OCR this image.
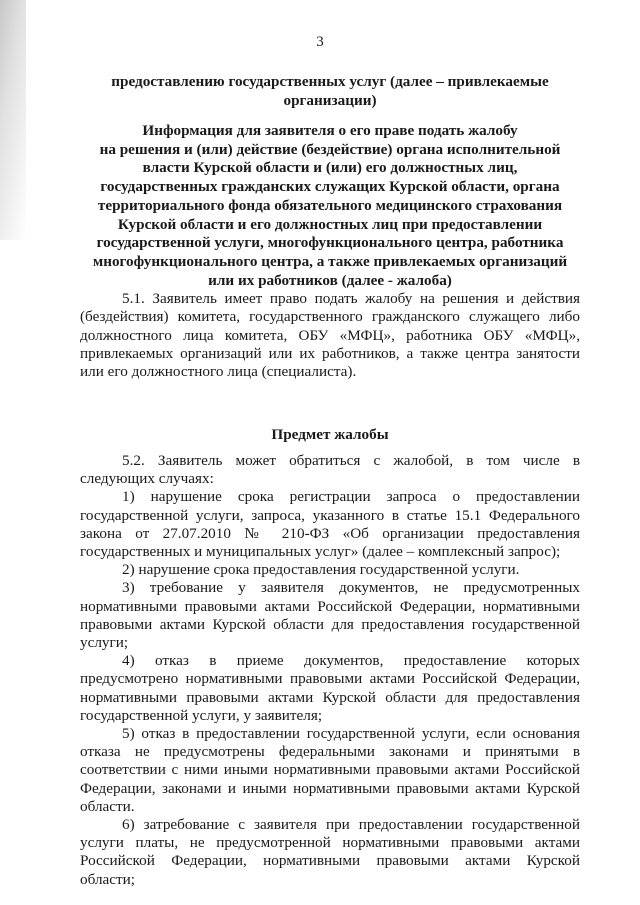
3
предоставлению государственных услуг (далее – привлекаемые
организации)
Информация для заявителя о его праве подать жалобу
на решения и (или) действие (бездействие) органа исполнительной
власти Курской области и (или) его должностных лиц,
государственных гражданских служащих Курской области, органа
территориального фонда обязательного медицинского страхования
Курской области и его должностных лиц при предоставлении
государственной услуги, многофункционального центра, работника
многофункционального центра, а также привлекаемых организаций
или их работников (далее - жалоба)
5.1. Заявитель имеет право подать жалобу на решения и действия
(бездействия) комитета, государственного гражданского служащего либо
должностного лица комитета, ОБУ «МФЦ», работника ОБУ «МФЦ»,
привлекаемых организаций или их работников, а также центра занятости
или его должностного лица (специалиста).
Предмет жалобы
5.2. Заявитель может обратиться с жалобой, в том числе в
следующих случаях:
1) нарушение срока регистрации запроса о предоставлении
государственной услуги, запроса, указанного в статье 15.1 Федерального
закона от 27.07.2010 № 210-ФЗ «Об организации предоставления
государственных и муниципальных услуг» (далее – комплексный запрос);
2) нарушение срока предоставления государственной услуги.
3) требование у заявителя документов, не предусмотренных
нормативными правовыми актами Российской Федерации, нормативными
правовыми актами Курской области для предоставления государственной
услуги;
4) отказ в приеме документов, предоставление которых
предусмотрено нормативными правовыми актами Российской Федерации,
нормативными правовыми актами Курской области для предоставления
государственной услуги, у заявителя;
5) отказ в предоставлении государственной услуги, если основания
отказа не предусмотрены федеральными законами и принятыми в
соответствии с ними иными нормативными правовыми актами Российской
Федерации, законами и иными нормативными правовыми актами Курской
области.
6) затребование с заявителя при предоставлении государственной
услуги платы, не предусмотренной нормативными правовыми актами
Российской Федерации, нормативными правовыми актами Курской
области;
